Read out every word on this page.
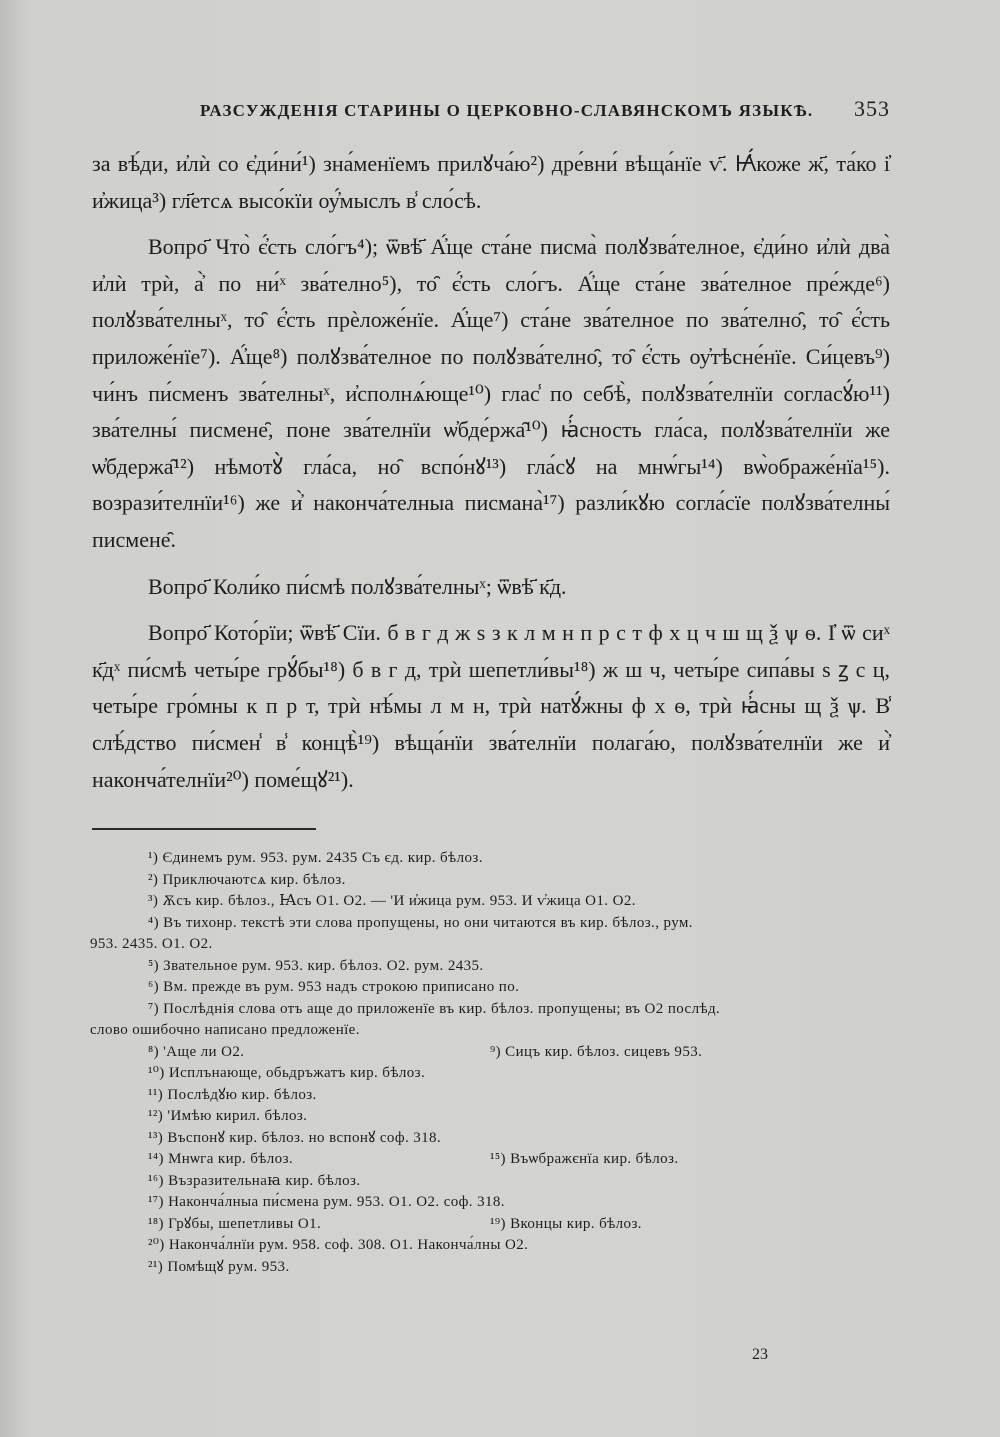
РАЗСУЖДЕНІЯ СТАРИНЫ О ЦЕРКОВНО-СЛАВЯНСКОМЪ ЯЗЫКѢ. 353

за вѣ́ди, и҆лѝ со є҆ди́ни́¹) зна́менїемъ прилꙋча́ю²) дре́вни́ вѣща́нїе ѵ҃. Ꙗ҆́коже ж҃, та́ко і҆ и҆жица³) гл҃етсѧ высо́кїи оу҆́мыслъ в̾ сло́сѣ.

Вопро҃ Что̀ є҆́сть сло́гъ⁴); ѿвѣ҃ А҆́ще ста́не писма̀ полꙋзва́телное, є҆ди́но и҆лѝ два̀ и҆лѝ трѝ, а҆̀ по ни́ˣ зва́телно⁵), то̑ є҆́сть сло́гъ. А҆́ще ста́не зва́телное пре́жде⁶) полꙋзва́телныˣ, то̑ є҆́сть прѐложе́нїе. А҆́ще⁷) ста́не зва́телное по зва́телно̑, то̑ є҆́сть приложе́нїе⁷). А҆́ще⁸) полꙋзва́телное по полꙋзва́телно̑, то̑ є҆́сть оу҆тѣсне́нїе. Си́цевъ⁹) чи́нъ пи́сменъ зва́телныˣ, и҆сполнѧ́юще¹⁰) глас̾ по себѣ̀, полꙋзва́телнїи согласꙋ́ю¹¹) зва́телны́ писмене̑, поне зва́телнїи ѡ҆бде́ржа̑¹⁰) ꙗ҆́сность гла́са, полꙋзва́телнїи же ѡ҆бдержа̑¹²) нѣмотꙋ̀ гла́са, но̑ вспо́нꙋ¹³) гла́сꙋ на мнѡ́гы¹⁴) вѡ̀ображе́нїа¹⁵). возрази́телнїи¹⁶) же и҆̀ наконча́телныа писмана̀¹⁷) разли́кꙋю согла́сїе полꙋзва́телны́ писмене̑.

Вопро҃ Коли́ко пи́смѣ полꙋзва́телныˣ; ѿвѣ҃ к҃д.

Вопро҃ Кото́рїи; ѿвѣ҃ Сїи. б в г д ж ѕ з к л м н п р с т ф х ц ч ш щ ѯ ѱ ѳ. І҆ ѿ сиˣ к҃дˣ пи́смѣ четы́ре грꙋ́бы¹⁸) б в г д, трѝ шепетли́вы¹⁸) ж ш ч, четы́ре сипа́вы ѕ ꙁ с ц, четы́ре гро́мны к п р т, трѝ нѣ́мы л м н, трѝ натꙋ́жны ф х ѳ, трѝ ꙗ҆́сны щ ѯ ѱ. В̾ слѣ́дство пи́смен̾ в̾ концѣ̀¹⁹) вѣща́нїи зва́телнїи полага́ю, полꙋзва́телнїи же и҆̀ наконча́телнїи²⁰) поме́щꙋ²¹).

¹) Єдинемъ рум. 953. рум. 2435 Съ єд. кир. бѣлоз.
²) Приключаютсѧ кир. бѣлоз.
³) Ѫсъ кир. бѣлоз., Ꙗсъ О1. О2. — 'И и҆жица рум. 953. И ѵ҆жица О1. О2.
⁴) Въ тихонр. текстѣ эти слова пропущены, но они читаются въ кир. бѣлоз., рум.
953. 2435. О1. О2.
⁵) Звательное рум. 953. кир. бѣлоз. О2. рум. 2435.
⁶) Вм. прежде въ рум. 953 надъ строкою приписано по.
⁷) Послѣднія слова отъ аще до приложенїе въ кир. бѣлоз. пропущены; въ О2 послѣд.
слово ошибочно написано предложенїе.
⁸) 'Аще ли О2.	⁹) Сицъ кир. бѣлоз. сицевъ 953.
¹⁰) Исплънающе, обьдръжатъ кир. бѣлоз.
¹¹) Послѣдꙋю кир. бѣлоз.
¹²) 'Имѣю кирил. бѣлоз.
¹³) Въспонꙋ кир. бѣлоз. но вспонꙋ соф. 318.
¹⁴) Мнѡга кир. бѣлоз.	¹⁵) Въѡбражєнїа кир. бѣлоз.
¹⁶) Възразительнаꙗ кир. бѣлоз.
¹⁷) Наконча́лныа пи́смена рум. 953. О1. О2. соф. 318.
¹⁸) Грꙋбы, шепетливы О1.	¹⁹) Вконцы кир. бѣлоз.
²⁰) Наконча́лнїи рум. 958. соф. 308. О1. Наконча́лны О2.
²¹) Помѣщꙋ рум. 953.
23
